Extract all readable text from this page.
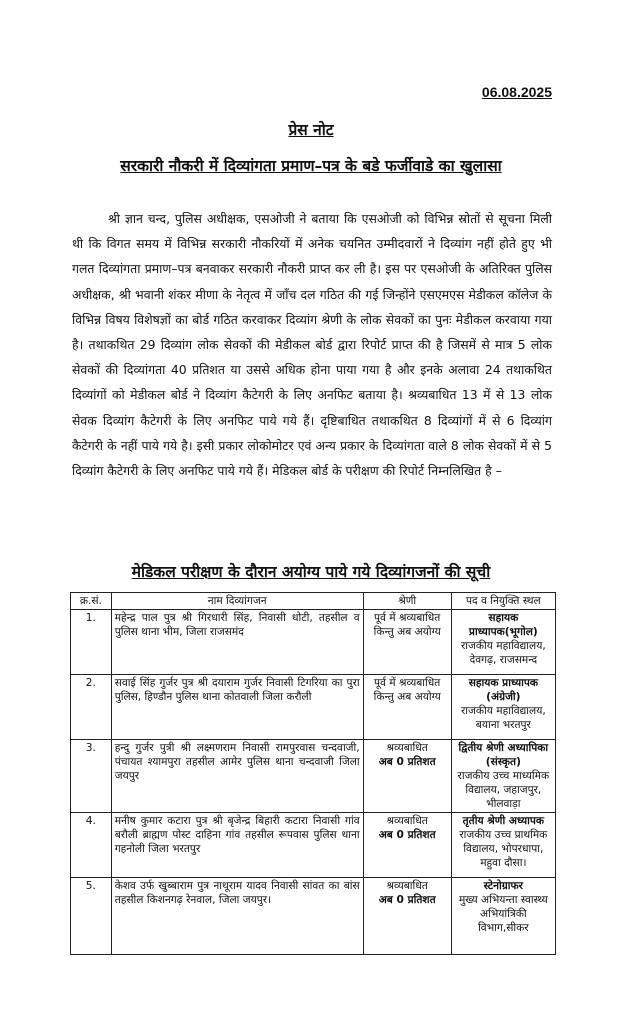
06.08.2025
प्रेस नोट
सरकारी नौकरी में दिव्यांगता प्रमाण–पत्र के बडे फर्जीवाडे का खुलासा
श्री ज्ञान चन्द, पुलिस अधीक्षक, एसओजी ने बताया कि एसओजी को विभिन्न स्रोतों से सूचना मिली थी कि विगत समय में विभिन्न सरकारी नौकरियों में अनेक चयनित उम्मीदवारों ने दिव्यांग नहीं होते हुए भी गलत दिव्यांगता प्रमाण–पत्र बनवाकर सरकारी नौकरी प्राप्त कर ली है। इस पर एसओजी के अतिरिक्त पुलिस अधीक्षक, श्री भवानी शंकर मीणा के नेतृत्व में जाँच दल गठित की गई जिन्होंने एसएमएस मेडीकल कॉलेज के विभिन्न विषय विशेषज्ञों का बोर्ड गठित करवाकर दिव्यांग श्रेणी के लोक सेवकों का पुनः मेडीकल करवाया गया है। तथाकथित 29 दिव्यांग लोक सेवकों की मेडीकल बोर्ड द्वारा रिपोर्ट प्राप्त की है जिसमें से मात्र 5 लोक सेवकों की दिव्यांगता 40 प्रतिशत या उससे अधिक होना पाया गया है और इनके अलावा 24 तथाकथित दिव्यांगों को मेडीकल बोर्ड ने दिव्यांग कैटेगरी के लिए अनफिट बताया है। श्रव्यबाधित 13 में से 13 लोक सेवक दिव्यांग कैटेगरी के लिए अनफिट पाये गये हैं। दृष्टिबाधित तथाकथित 8 दिव्यांगों में से 6 दिव्यांग कैटेगरी के नहीं पाये गये है। इसी प्रकार लोकोमोटर एवं अन्य प्रकार के दिव्यांगता वाले 8 लोक सेवकों में से 5 दिव्यांग कैटेगरी के लिए अनफिट पाये गये हैं। मेडिकल बोर्ड के परीक्षण की रिपोर्ट निम्नलिखित है –
मेडिकल परीक्षण के दौरान अयोग्य पाये गये दिव्यांगजनों की सूची
क्र.सं.	नाम दिव्यांगजन	श्रेणी	पद व नियुक्ति स्थल
1.	महेन्द्र पाल पुत्र श्री गिरधारी सिंह, निवासी धोटी, तहसील व पुलिस थाना भीम, जिला राजसमंद	पूर्व में श्रव्यबाधित किन्तु अब अयोग्य	सहायक प्राध्यापक(भूगोल)
राजकीय महाविद्यालय, देवगढ़, राजसमन्द
2.	सवाई सिंह गुर्जर पुत्र श्री दयाराम गुर्जर निवासी टिगरिया का पुरा पुलिस, हिण्डौन पुलिस थाना कोतवाली जिला करौली	पूर्व में श्रव्यबाधित किन्तु अब अयोग्य	सहायक प्राध्यापक (अंग्रेजी)
राजकीय महाविद्यालय, बयाना भरतपुर
3.	हन्दु गुर्जर पुत्री श्री लक्ष्मणराम निवासी रामपुरवास चन्दवाजी, पंचायत श्यामपुरा तहसील आमेर पुलिस थाना चन्दवाजी जिला जयपुर	श्रव्यबाधित
अब 0 प्रतिशत	द्वितीय श्रेणी अध्यापिका (संस्कृत)
राजकीय उच्च माध्यमिक विद्यालय, जहाजपुर, भीलवाड़ा
4.	मनीष कुमार कटारा पुत्र श्री बृजेन्द्र बिहारी कटारा निवासी गांव बरौली ब्राह्मण पोस्ट दाहिना गांव तहसील रूपवास पुलिस थाना गहनोली जिला भरतपुर	श्रव्यबाधित
अब 0 प्रतिशत	तृतीय श्रेणी अध्यापक
राजकीय उच्च प्राथमिक विद्यालय, भोपरधापा, महुवा दौसा।
5.	केशव उर्फ खुब्बाराम पुत्र नाथूराम यादव निवासी सांवत का बांस तहसील किशनगढ़ रेनवाल, जिला जयपुर।	श्रव्यबाधित
अब 0 प्रतिशत	स्टेनोग्राफर
मुख्य अभियन्ता स्वास्थ्य अभियांत्रिकी विभाग,सीकर
